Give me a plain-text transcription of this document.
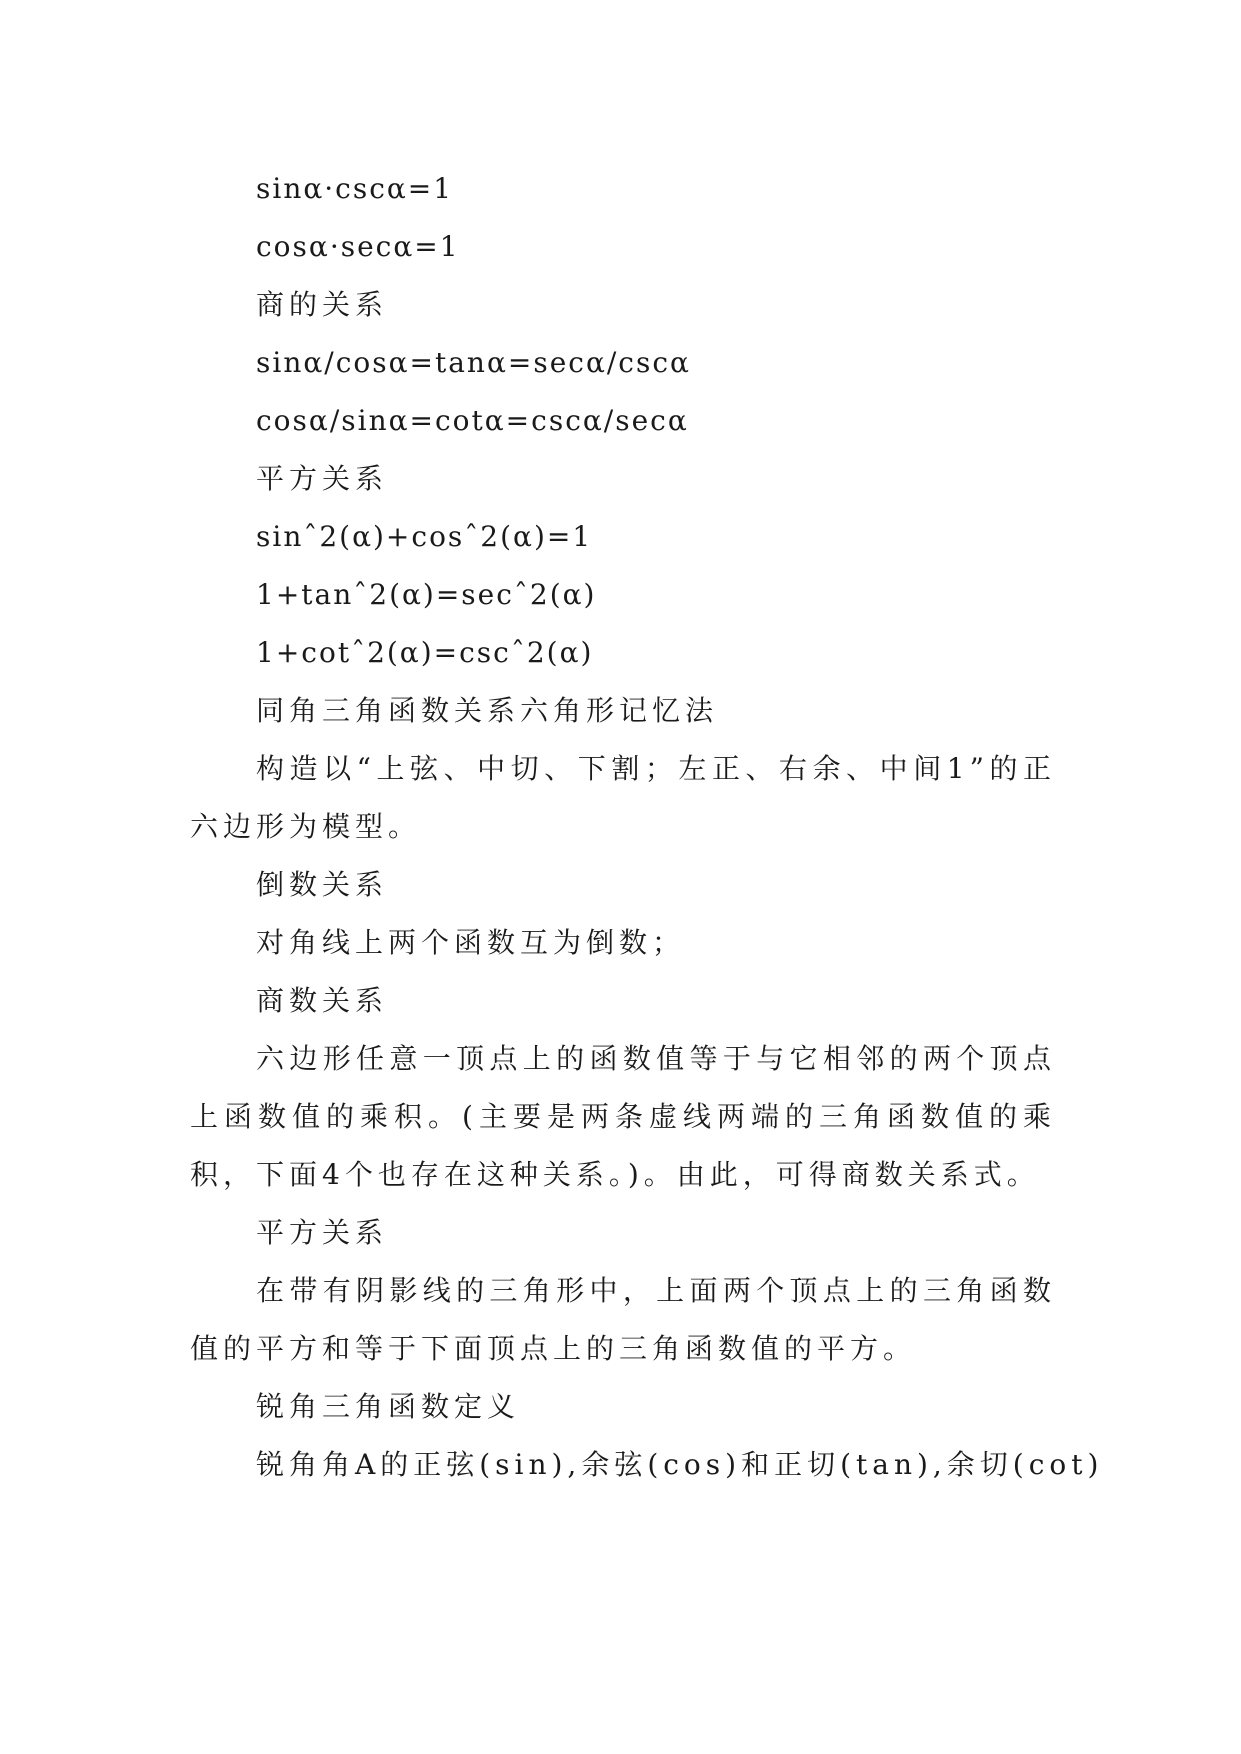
sinα·cscα=1

cosα·secα=1

商的关系

sinα/cosα=tanα=secα/cscα

cosα/sinα=cotα=cscα/secα

平方关系

sinˆ2(α)+cosˆ2(α)=1

1+tanˆ2(α)=secˆ2(α)

1+cotˆ2(α)=cscˆ2(α)

同角三角函数关系六角形记忆法

构造以“上弦、中切、下割；左正、右余、中间1”的正六边形为模型。

倒数关系

对角线上两个函数互为倒数；

商数关系

六边形任意一顶点上的函数值等于与它相邻的两个顶点上函数值的乘积。(主要是两条虚线两端的三角函数值的乘积，下面4个也存在这种关系。)。由此，可得商数关系式。

平方关系

在带有阴影线的三角形中，上面两个顶点上的三角函数值的平方和等于下面顶点上的三角函数值的平方。

锐角三角函数定义

锐角角A的正弦(sin),余弦(cos)和正切(tan),余切(cot)
